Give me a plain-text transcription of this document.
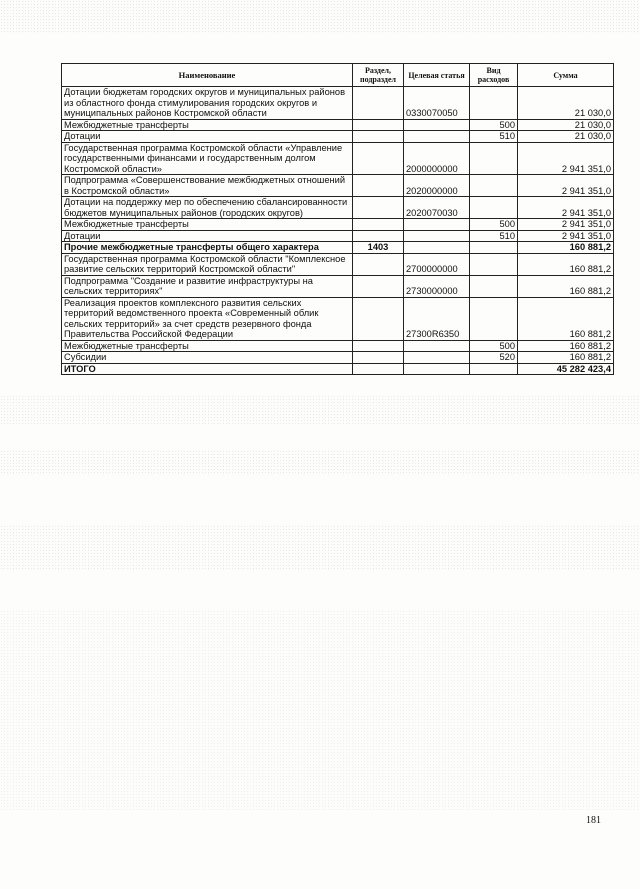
Наименование	Раздел, подраздел	Целевая статья	Вид расходов	Сумма
Дотации бюджетам городских округов и муниципальных районов из областного фонда стимулирования городских округов и муниципальных районов Костромской области		0330070050		21 030,0
Межбюджетные трансферты			500	21 030,0
Дотации			510	21 030,0
Государственная программа Костромской области «Управление государственными финансами и государственным долгом Костромской области»		2000000000		2 941 351,0
Подпрограмма «Совершенствование межбюджетных отношений в Костромской области»		2020000000		2 941 351,0
Дотации на поддержку мер по обеспечению сбалансированности бюджетов муниципальных районов (городских округов)		2020070030		2 941 351,0
Межбюджетные трансферты			500	2 941 351,0
Дотации			510	2 941 351,0
Прочие межбюджетные трансферты общего характера	1403			160 881,2
Государственная программа Костромской области "Комплексное развитие сельских территорий Костромской области"		2700000000		160 881,2
Подпрограмма "Создание и развитие инфраструктуры на сельских территориях"		2730000000		160 881,2
Реализация проектов комплексного развития сельских территорий ведомственного проекта «Современный облик сельских территорий» за счет средств резервного фонда Правительства Российской Федерации		27300R6350		160 881,2
Межбюджетные трансферты			500	160 881,2
Субсидии			520	160 881,2
ИТОГО				45 282 423,4
181
